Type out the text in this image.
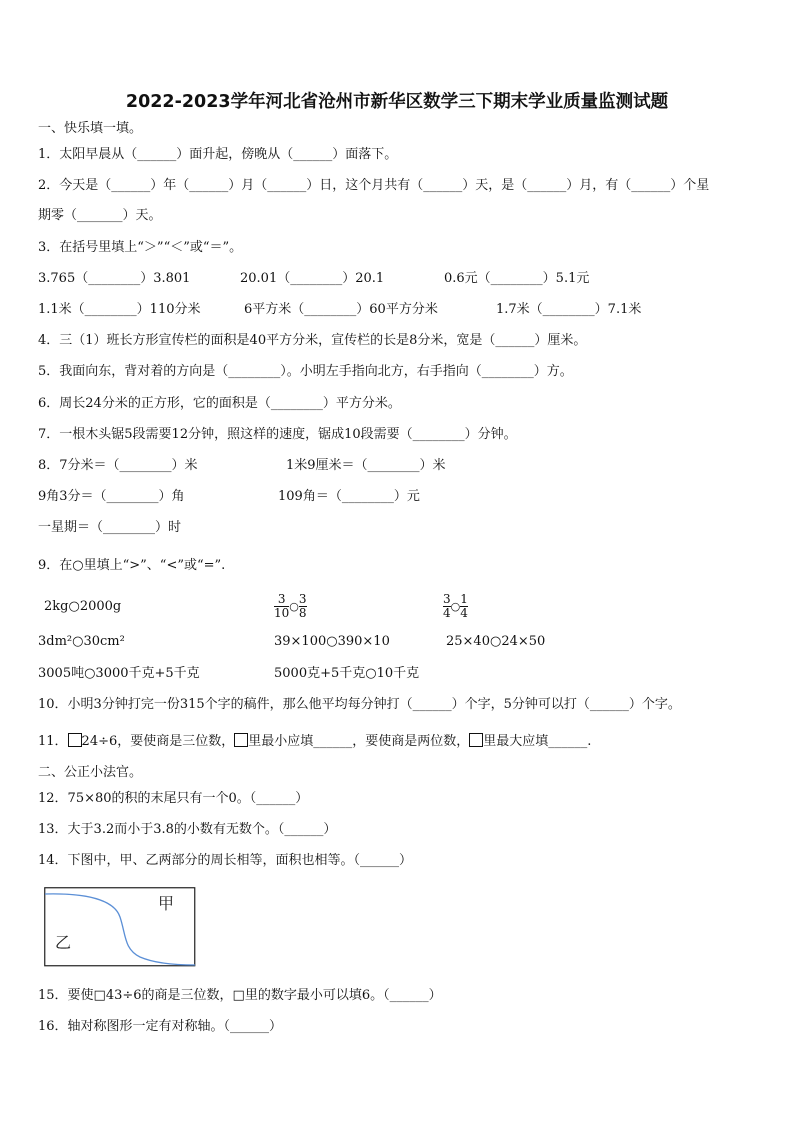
2022-2023学年河北省沧州市新华区数学三下期末学业质量监测试题
一、快乐填一填。
1．太阳早晨从（______）面升起，傍晚从（______）面落下。
2．今天是（______）年（______）月（______）日，这个月共有（______）天，是（______）月，有（______）个星
期零（_______）天。
3．在括号里填上“＞”“＜”或“＝”。
3.765（________）3.801	20.01（________）20.1	0.6元（________）5.1元
1.1米（________）110分米	6平方米（________）60平方分米	1.7米（________）7.1米
4．三（1）班长方形宣传栏的面积是40平方分米，宣传栏的长是8分米，宽是（______）厘米。
5．我面向东，背对着的方向是（________）。小明左手指向北方，右手指向（________）方。
6．周长24分米的正方形，它的面积是（________）平方分米。
7．一根木头锯5段需要12分钟，照这样的速度，锯成10段需要（________）分钟。
8．7分米＝（________）米	1米9厘米＝（________）米
9角3分＝（________）角	109角＝（________）元
一星期＝（________）时
9．在○里填上“>”、“<”或“=”.
2kg○2000g	$\frac{3}{10}$ ○ $\frac{3}{8}$	$\frac{3}{4}$ ○ $\frac{1}{4}$
3dm²○30cm²	39×100○390×10	25×40○24×50
3005吨○3000千克+5千克	5000克+5千克○10千克
10．小明3分钟打完一份315个字的稿件，那么他平均每分钟打（______）个字，5分钟可以打（______）个字。
11． 24÷6，要使商是三位数， 里最小应填______，要使商是两位数， 里最大应填______.
二、公正小法官。
12．75×80的积的末尾只有一个0。（______）
13．大于3.2而小于3.8的小数有无数个。（______）
14．下图中，甲、乙两部分的周长相等，面积也相等。（______）
甲
乙
15．要使□43÷6的商是三位数，□里的数字最小可以填6。（______）
16．轴对称图形一定有对称轴。（______）
